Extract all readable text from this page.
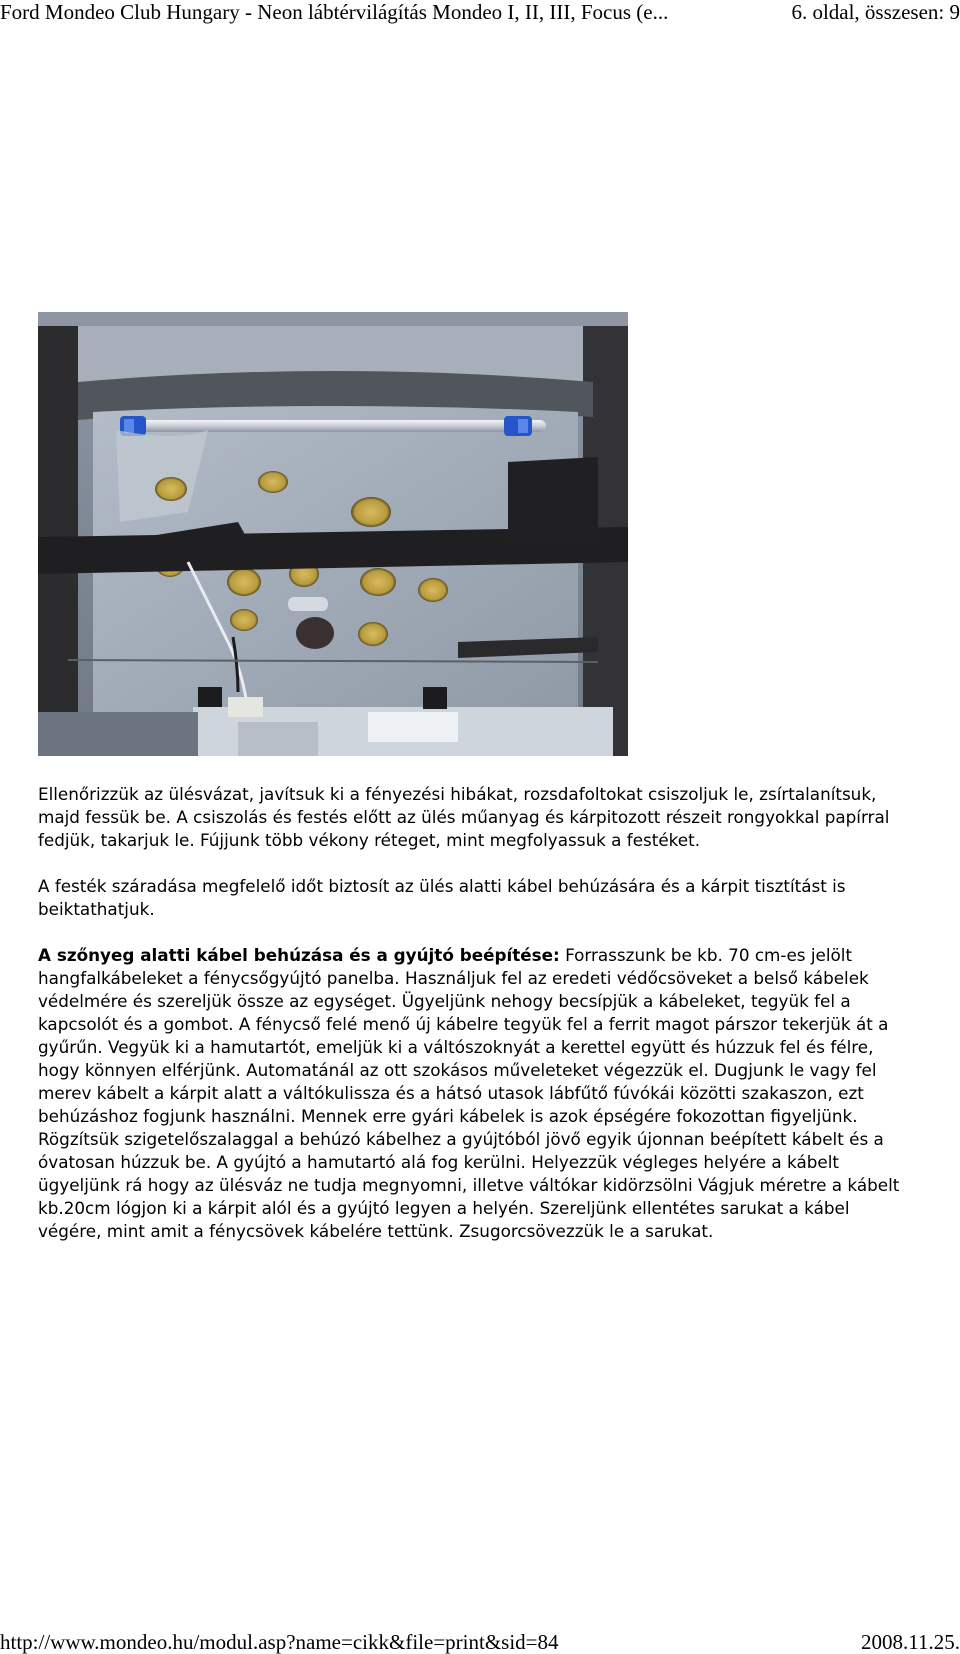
Ford Mondeo Club Hungary - Neon lábtérvilágítás Mondeo I, II, III, Focus (e...	6. oldal, összesen: 9

Ellenőrizzük az ülésvázat, javítsuk ki a fényezési hibákat, rozsdafoltokat csiszoljuk le, zsírtalanítsuk, majd fessük be. A csiszolás és festés előtt az ülés műanyag és kárpitozott részeit rongyokkal papírral fedjük, takarjuk le. Fújjunk több vékony réteget, mint megfolyassuk a festéket.

A festék száradása megfelelő időt biztosít az ülés alatti kábel behúzására és a kárpit tisztítást is beiktathatjuk.

A szőnyeg alatti kábel behúzása és a gyújtó beépítése: Forrasszunk be kb. 70 cm-es jelölt hangfalkábeleket a fénycsőgyújtó panelba. Használjuk fel az eredeti védőcsöveket a belső kábelek védelmére és szereljük össze az egységet. Ügyeljünk nehogy becsípjük a kábeleket, tegyük fel a kapcsolót és a gombot. A fénycső felé menő új kábelre tegyük fel a ferrit magot párszor tekerjük át a gyűrűn. Vegyük ki a hamutartót, emeljük ki a váltószoknyát a kerettel együtt és húzzuk fel és félre, hogy könnyen elférjünk. Automatánál az ott szokásos műveleteket végezzük el. Dugjunk le vagy fel merev kábelt a kárpit alatt a váltókulissza és a hátsó utasok lábfűtő fúvókái közötti szakaszon, ezt behúzáshoz fogjunk használni. Mennek erre gyári kábelek is azok épségére fokozottan figyeljünk. Rögzítsük szigetelőszalaggal a behúzó kábelhez a gyújtóból jövő egyik újonnan beépített kábelt és a óvatosan húzzuk be. A gyújtó a hamutartó alá fog kerülni. Helyezzük végleges helyére a kábelt ügyeljünk rá hogy az ülésváz ne tudja megnyomni, illetve váltókar kidörzsölni Vágjuk méretre a kábelt kb.20cm lógjon ki a kárpit alól és a gyújtó legyen a helyén. Szereljünk ellentétes sarukat a kábel végére, mint amit a fénycsövek kábelére tettünk. Zsugorcsövezzük le a sarukat.

http://www.mondeo.hu/modul.asp?name=cikk&file=print&sid=84	2008.11.25.
